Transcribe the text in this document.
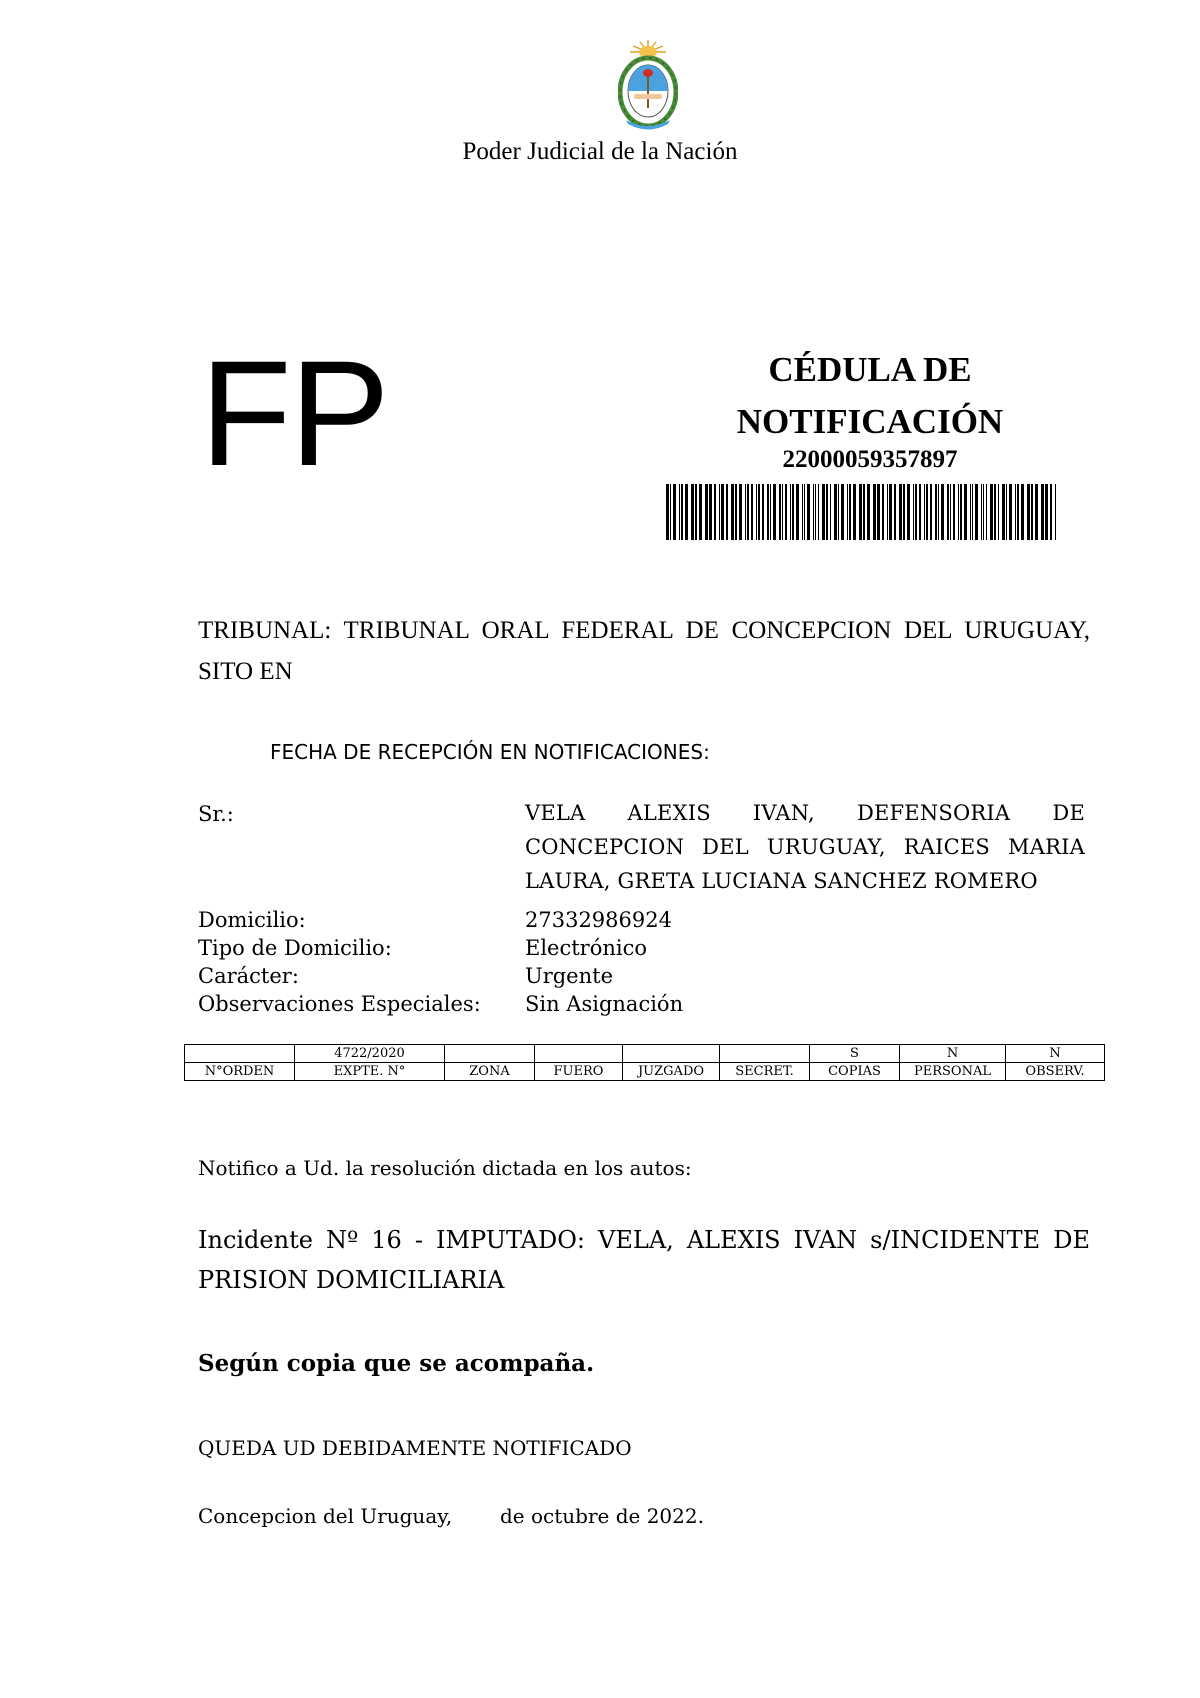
Poder Judicial de la Nación
FP	CÉDULA DE
NOTIFICACIÓN
22000059357897
TRIBUNAL: TRIBUNAL ORAL FEDERAL DE CONCEPCION DEL URUGUAY, SITO EN
FECHA DE RECEPCIÓN EN NOTIFICACIONES:
Sr.:	VELA ALEXIS IVAN, DEFENSORIA DE CONCEPCION DEL URUGUAY, RAICES MARIA LAURA, GRETA LUCIANA SANCHEZ ROMERO
Domicilio:	27332986924
Tipo de Domicilio:	Electrónico
Carácter:	Urgente
Observaciones Especiales: Sin Asignación
	4722/2020					S	N	N
N°ORDEN	EXPTE. N°	ZONA	FUERO	JUZGADO	SECRET.	COPIAS	PERSONAL	OBSERV.
Notifico a Ud. la resolución dictada en los autos:
Incidente Nº 16 - IMPUTADO: VELA, ALEXIS IVAN s/INCIDENTE DE PRISION DOMICILIARIA
Según copia que se acompaña.
QUEDA UD DEBIDAMENTE NOTIFICADO
Concepcion del Uruguay, de octubre de 2022.
